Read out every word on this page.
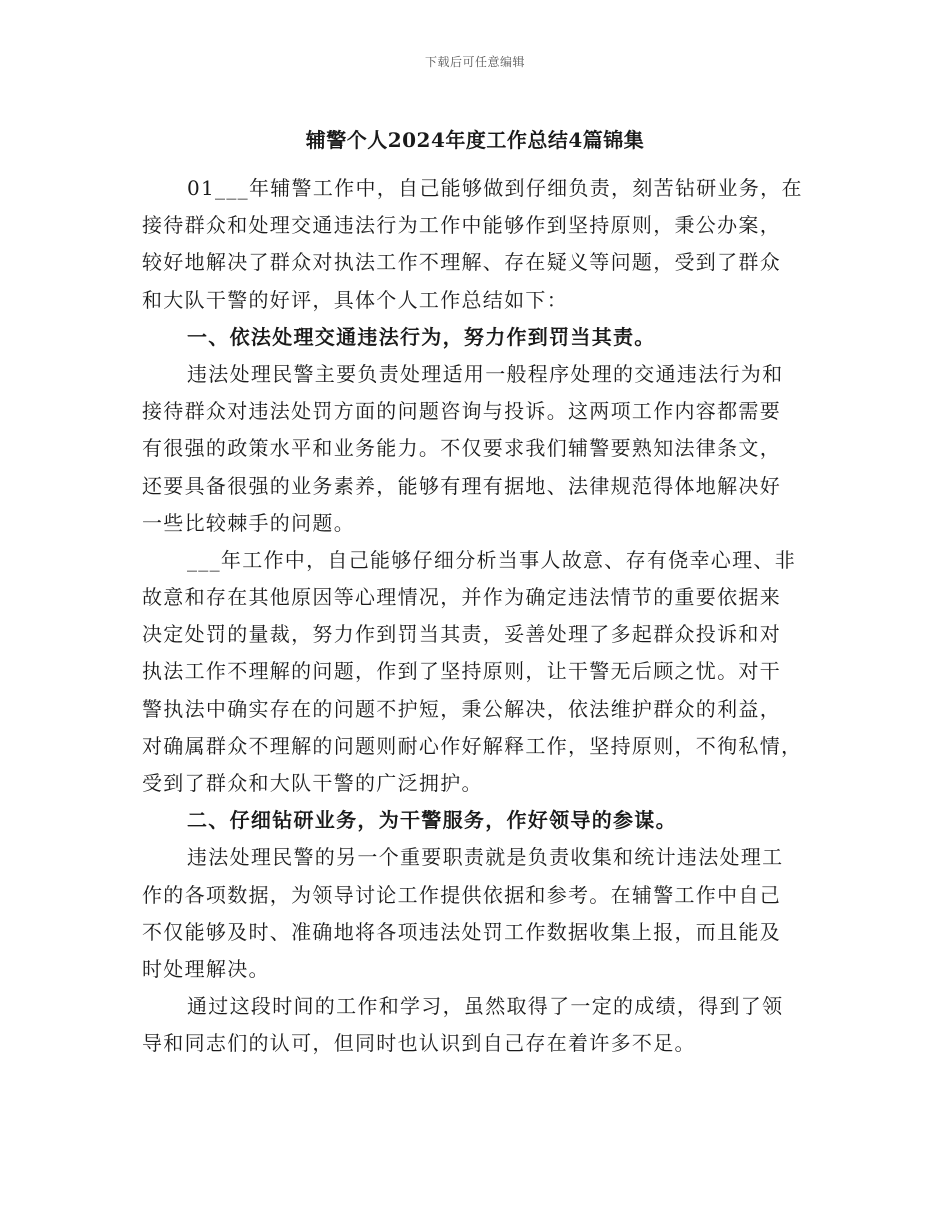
下载后可任意编辑
辅警个人2024年度工作总结4篇锦集
01___年辅警工作中，自己能够做到仔细负责，刻苦钻研业务，在
接待群众和处理交通违法行为工作中能够作到坚持原则，秉公办案，
较好地解决了群众对执法工作不理解、存在疑义等问题，受到了群众
和大队干警的好评，具体个人工作总结如下：
一、依法处理交通违法行为，努力作到罚当其责。
违法处理民警主要负责处理适用一般程序处理的交通违法行为和
接待群众对违法处罚方面的问题咨询与投诉。这两项工作内容都需要
有很强的政策水平和业务能力。不仅要求我们辅警要熟知法律条文，
还要具备很强的业务素养，能够有理有据地、法律规范得体地解决好
一些比较棘手的问题。
___年工作中，自己能够仔细分析当事人故意、存有侥幸心理、非
故意和存在其他原因等心理情况，并作为确定违法情节的重要依据来
决定处罚的量裁，努力作到罚当其责，妥善处理了多起群众投诉和对
执法工作不理解的问题，作到了坚持原则，让干警无后顾之忧。对干
警执法中确实存在的问题不护短，秉公解决，依法维护群众的利益，
对确属群众不理解的问题则耐心作好解释工作，坚持原则，不徇私情，
受到了群众和大队干警的广泛拥护。
二、仔细钻研业务，为干警服务，作好领导的参谋。
违法处理民警的另一个重要职责就是负责收集和统计违法处理工
作的各项数据，为领导讨论工作提供依据和参考。在辅警工作中自己
不仅能够及时、准确地将各项违法处罚工作数据收集上报，而且能及
时处理解决。
通过这段时间的工作和学习，虽然取得了一定的成绩，得到了领
导和同志们的认可，但同时也认识到自己存在着许多不足。
